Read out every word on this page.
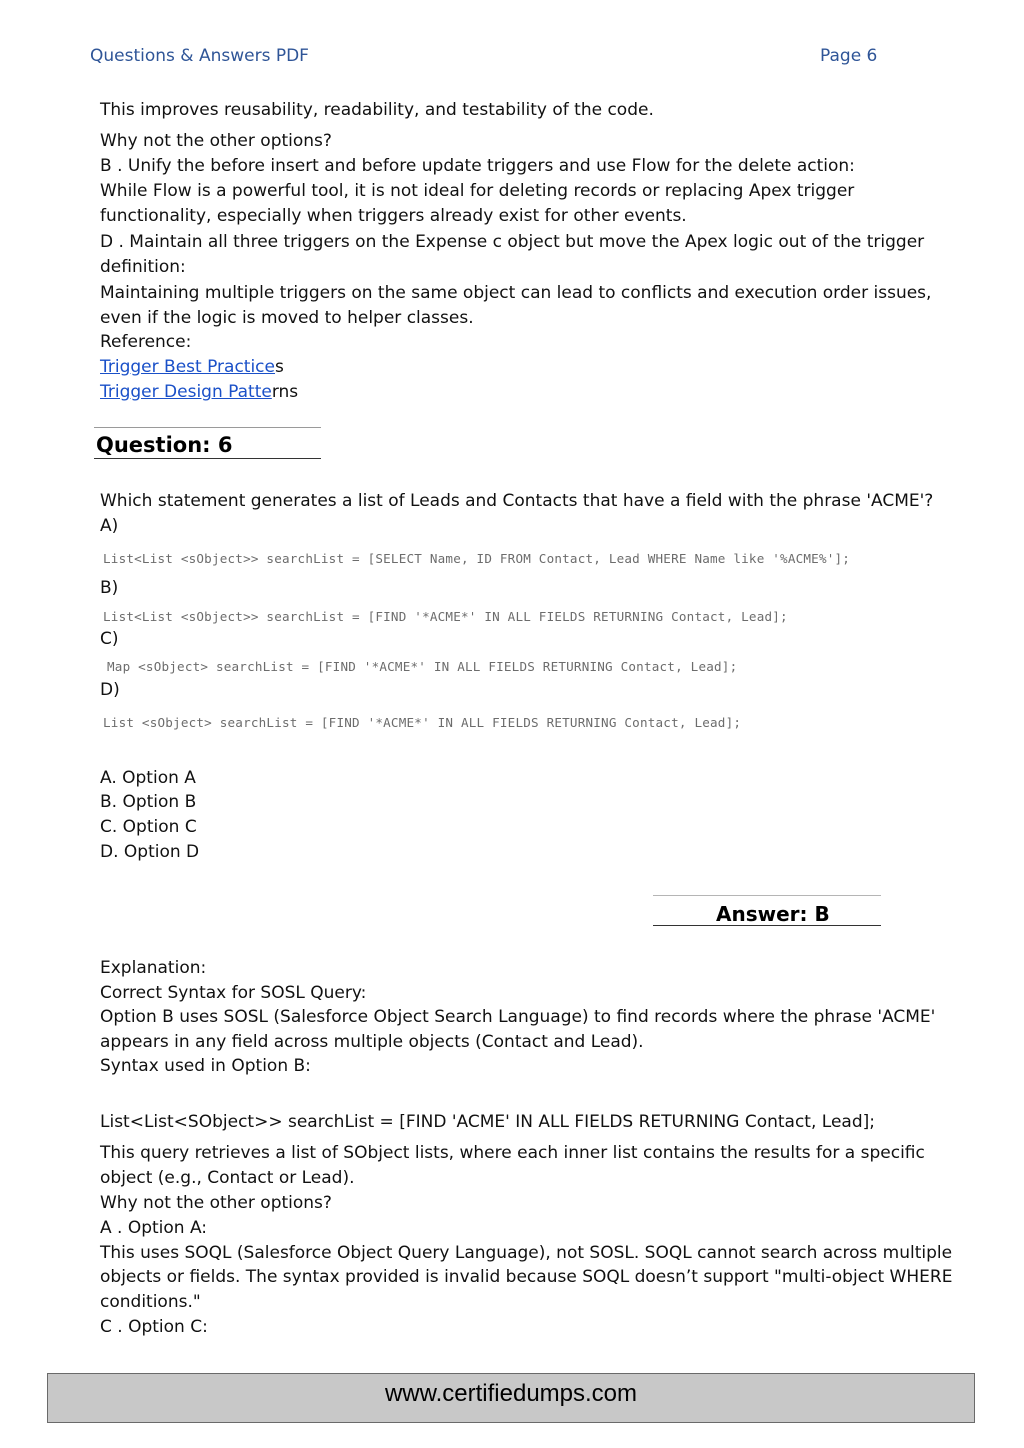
Questions & Answers PDF	Page 6
This improves reusability, readability, and testability of the code.
Why not the other options?
B . Unify the before insert and before update triggers and use Flow for the delete action:
While Flow is a powerful tool, it is not ideal for deleting records or replacing Apex trigger
functionality, especially when triggers already exist for other events.
D . Maintain all three triggers on the Expense c object but move the Apex logic out of the trigger
definition:
Maintaining multiple triggers on the same object can lead to conflicts and execution order issues,
even if the logic is moved to helper classes.
Reference:
Trigger Best Practices
Trigger Design Patterns
Question: 6
Which statement generates a list of Leads and Contacts that have a field with the phrase 'ACME'?
A)
List<List <sObject>> searchList = [SELECT Name, ID FROM Contact, Lead WHERE Name like '%ACME%'];
B)
List<List <sObject>> searchList = [FIND '*ACME*' IN ALL FIELDS RETURNING Contact, Lead];
C)
Map <sObject> searchList = [FIND '*ACME*' IN ALL FIELDS RETURNING Contact, Lead];
D)
List <sObject> searchList = [FIND '*ACME*' IN ALL FIELDS RETURNING Contact, Lead];
A. Option A
B. Option B
C. Option C
D. Option D
Answer: B
Explanation:
Correct Syntax for SOSL Query:
Option B uses SOSL (Salesforce Object Search Language) to find records where the phrase 'ACME'
appears in any field across multiple objects (Contact and Lead).
Syntax used in Option B:
List<List<SObject>> searchList = [FIND 'ACME' IN ALL FIELDS RETURNING Contact, Lead];
This query retrieves a list of SObject lists, where each inner list contains the results for a specific
object (e.g., Contact or Lead).
Why not the other options?
A . Option A:
This uses SOQL (Salesforce Object Query Language), not SOSL. SOQL cannot search across multiple
objects or fields. The syntax provided is invalid because SOQL doesn’t support "multi-object WHERE
conditions."
C . Option C:
www.certifiedumps.com
